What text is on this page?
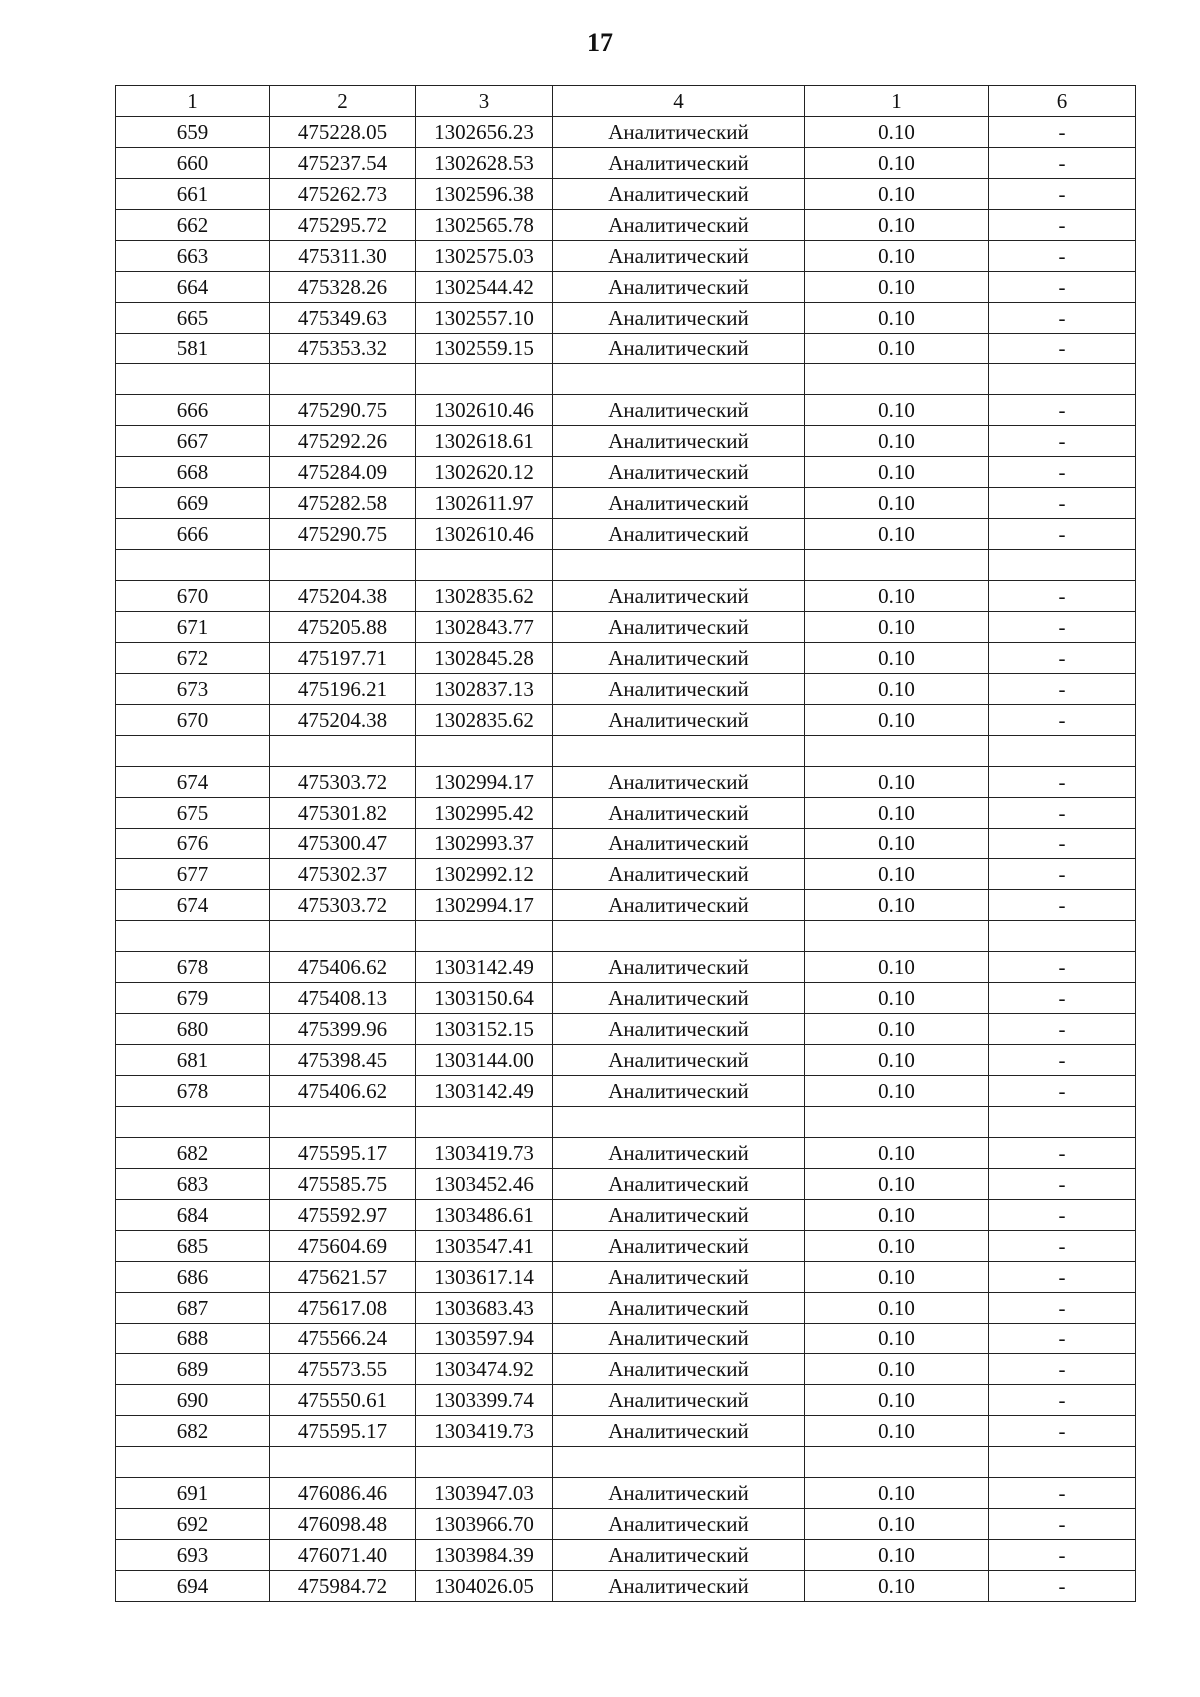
17
1	2	3	4	1	6
659	475228.05	1302656.23	Аналитический	0.10	-
660	475237.54	1302628.53	Аналитический	0.10	-
661	475262.73	1302596.38	Аналитический	0.10	-
662	475295.72	1302565.78	Аналитический	0.10	-
663	475311.30	1302575.03	Аналитический	0.10	-
664	475328.26	1302544.42	Аналитический	0.10	-
665	475349.63	1302557.10	Аналитический	0.10	-
581	475353.32	1302559.15	Аналитический	0.10	-

666	475290.75	1302610.46	Аналитический	0.10	-
667	475292.26	1302618.61	Аналитический	0.10	-
668	475284.09	1302620.12	Аналитический	0.10	-
669	475282.58	1302611.97	Аналитический	0.10	-
666	475290.75	1302610.46	Аналитический	0.10	-

670	475204.38	1302835.62	Аналитический	0.10	-
671	475205.88	1302843.77	Аналитический	0.10	-
672	475197.71	1302845.28	Аналитический	0.10	-
673	475196.21	1302837.13	Аналитический	0.10	-
670	475204.38	1302835.62	Аналитический	0.10	-

674	475303.72	1302994.17	Аналитический	0.10	-
675	475301.82	1302995.42	Аналитический	0.10	-
676	475300.47	1302993.37	Аналитический	0.10	-
677	475302.37	1302992.12	Аналитический	0.10	-
674	475303.72	1302994.17	Аналитический	0.10	-

678	475406.62	1303142.49	Аналитический	0.10	-
679	475408.13	1303150.64	Аналитический	0.10	-
680	475399.96	1303152.15	Аналитический	0.10	-
681	475398.45	1303144.00	Аналитический	0.10	-
678	475406.62	1303142.49	Аналитический	0.10	-

682	475595.17	1303419.73	Аналитический	0.10	-
683	475585.75	1303452.46	Аналитический	0.10	-
684	475592.97	1303486.61	Аналитический	0.10	-
685	475604.69	1303547.41	Аналитический	0.10	-
686	475621.57	1303617.14	Аналитический	0.10	-
687	475617.08	1303683.43	Аналитический	0.10	-
688	475566.24	1303597.94	Аналитический	0.10	-
689	475573.55	1303474.92	Аналитический	0.10	-
690	475550.61	1303399.74	Аналитический	0.10	-
682	475595.17	1303419.73	Аналитический	0.10	-

691	476086.46	1303947.03	Аналитический	0.10	-
692	476098.48	1303966.70	Аналитический	0.10	-
693	476071.40	1303984.39	Аналитический	0.10	-
694	475984.72	1304026.05	Аналитический	0.10	-
